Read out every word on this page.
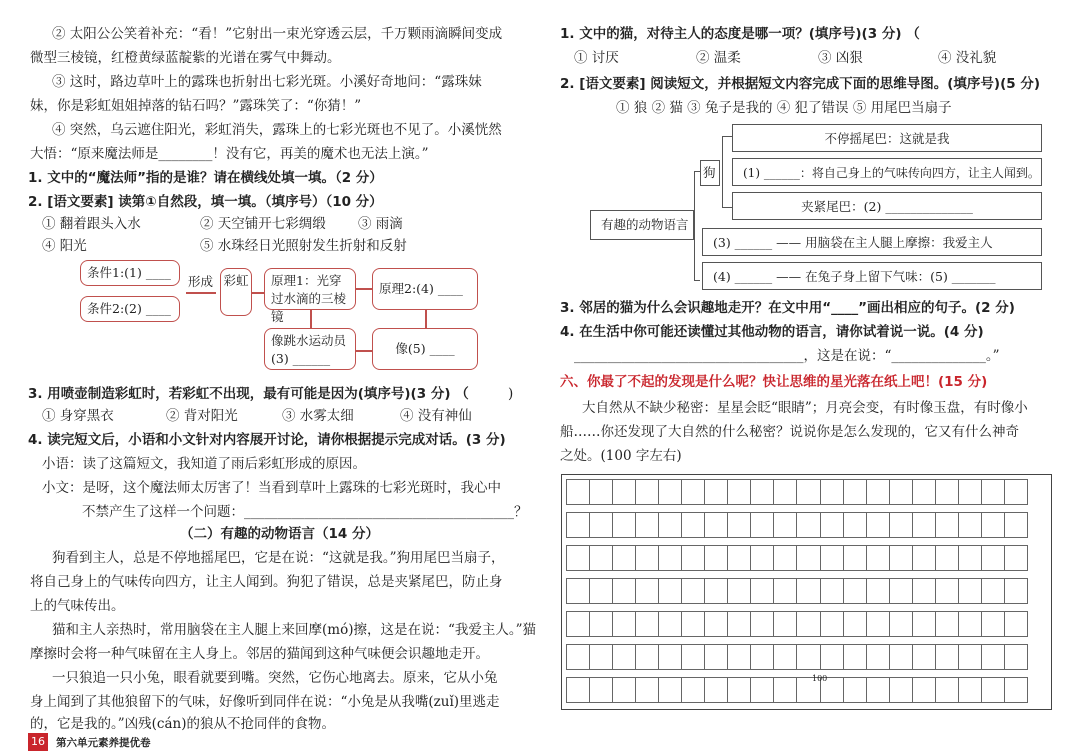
② 太阳公公笑着补充：“看！”它射出一束光穿透云层，千万颗雨滴瞬间变成
微型三棱镜，红橙黄绿蓝靛紫的光谱在雾气中舞动。
③ 这时，路边草叶上的露珠也折射出七彩光斑。小溪好奇地问：“露珠妹
妹，你是彩虹姐姐掉落的钻石吗？”露珠笑了：“你猜！”
④ 突然，乌云遮住阳光，彩虹消失，露珠上的七彩光斑也不见了。小溪恍然
大悟：“原来魔法师是________！没有它，再美的魔术也无法上演。”
1. 文中的“魔法师”指的是谁？请在横线处填一填。（2 分）
2. [语文要素] 读第①自然段，填一填。（填序号）（10 分）
① 翻着跟头入水	② 天空铺开七彩绸缎 ③ 雨滴
④ 阳光	⑤ 水珠经日光照射发生折射和反射
条件1:(1) ____
条件2:(2) ____
形成 彩虹	原理1：光穿过水滴的三棱镜
原理2:(4) ____
像跳水运动员(3) ______
像(5) ____
3. 用喷壶制造彩虹时，若彩虹不出现，最有可能是因为(填序号)(3 分) （	)
① 身穿黑衣	② 背对阳光	③ 水雾太细	④ 没有神仙
4. 读完短文后，小语和小文针对内容展开讨论，请你根据提示完成对话。(3 分)
小语：读了这篇短文，我知道了雨后彩虹形成的原因。
小文：是呀，这个魔法师太厉害了！当看到草叶上露珠的七彩光斑时，我心中
不禁产生了这样一个问题：________________________________________？
（二）有趣的动物语言（14 分）
狗看到主人，总是不停地摇尾巴，它是在说：“这就是我。”狗用尾巴当扇子，
将自己身上的气味传向四方，让主人闻到。狗犯了错误，总是夹紧尾巴，防止身
上的气味传出。
猫和主人亲热时，常用脑袋在主人腿上来回摩(mó)擦，这是在说：“我爱主人。”猫
摩擦时会将一种气味留在主人身上。邻居的猫闻到这种气味便会识趣地走开。
一只狼追一只小兔，眼看就要到嘴。突然，它伤心地离去。原来，它从小兔
身上闻到了其他狼留下的气味，好像听到同伴在说：“小兔是从我嘴(zuǐ)里逃走
的，它是我的。”凶残(cán)的狼从不抢同伴的食物。
16 第六单元素养提优卷
1. 文中的猫，对待主人的态度是哪一项？(填序号)(3 分) （
① 讨厌	② 温柔	③ 凶狠	④ 没礼貌
2. [语文要素] 阅读短文，并根据短文内容完成下面的思维导图。(填序号)(5 分)
① 狼 ② 猫 ③ 兔子是我的 ④ 犯了错误 ⑤ 用尾巴当扇子
有趣的动物语言
狗
不停摇尾巴：这就是我
(1) ______：将自己身上的气味传向四方，让主人闻到。
夹紧尾巴：(2) ______________
(3) ______ —— 用脑袋在主人腿上摩擦：我爱主人
(4) ______ —— 在兔子身上留下气味：(5) _______
3. 邻居的猫为什么会识趣地走开？在文中用“____”画出相应的句子。(2 分)
4. 在生活中你可能还读懂过其他动物的语言，请你试着说一说。(4 分)
__________________________________，这是在说：“______________。”
六、你最了不起的发现是什么呢？快让思维的星光落在纸上吧！(15 分)
大自然从不缺少秘密：星星会眨“眼睛”；月亮会变，有时像玉盘，有时像小
船……你还发现了大自然的什么秘密？说说你是怎么发现的，它又有什么神奇
之处。(100 字左右)
100
